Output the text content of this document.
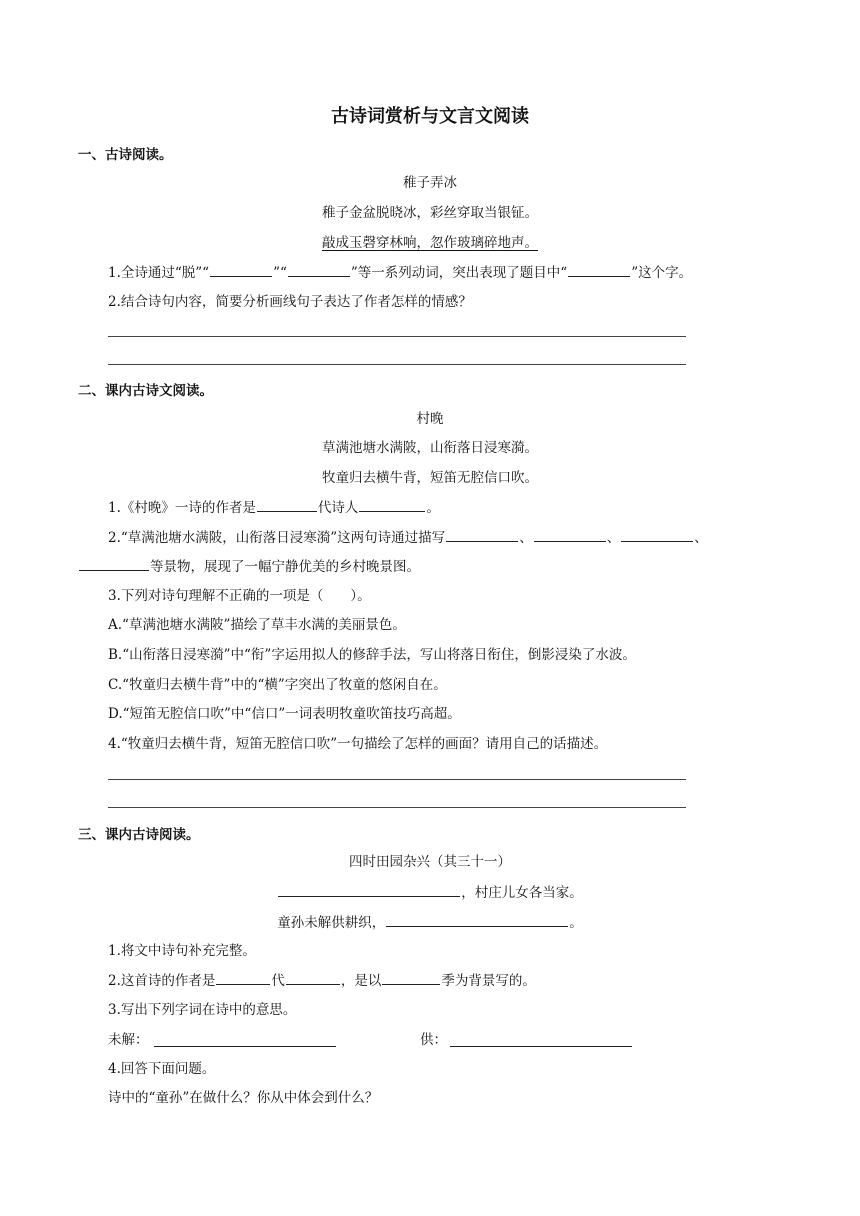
古诗词赏析与文言文阅读
一、古诗阅读。
稚子弄冰
稚子金盆脱晓冰，彩丝穿取当银钲。
敲成玉磬穿林响，忽作玻璃碎地声。
1.全诗通过“脱”“	”“	”等一系列动词，突出表现了题目中“	”这个字。
2.结合诗句内容，简要分析画线句子表达了作者怎样的情感？
二、课内古诗文阅读。
村晚
草满池塘水满陂，山衔落日浸寒漪。
牧童归去横牛背，短笛无腔信口吹。
1.《村晚》一诗的作者是	代诗人	。
2.“草满池塘水满陂，山衔落日浸寒漪”这两句诗通过描写	、	、	、
等景物，展现了一幅宁静优美的乡村晚景图。
3.下列对诗句理解不正确的一项是（　　）。
A.“草满池塘水满陂”描绘了草丰水满的美丽景色。
B.“山衔落日浸寒漪”中“衔”字运用拟人的修辞手法，写山将落日衔住，倒影浸染了水波。
C.“牧童归去横牛背”中的“横”字突出了牧童的悠闲自在。
D.“短笛无腔信口吹”中“信口”一词表明牧童吹笛技巧高超。
4.“牧童归去横牛背，短笛无腔信口吹”一句描绘了怎样的画面？请用自己的话描述。
三、课内古诗阅读。
四时田园杂兴（其三十一）
，村庄儿女各当家。
童孙未解供耕织，	。
1.将文中诗句补充完整。
2.这首诗的作者是	代	，是以	季为背景写的。
3.写出下列字词在诗中的意思。
未解：	供：
4.回答下面问题。
诗中的“童孙”在做什么？你从中体会到什么？
